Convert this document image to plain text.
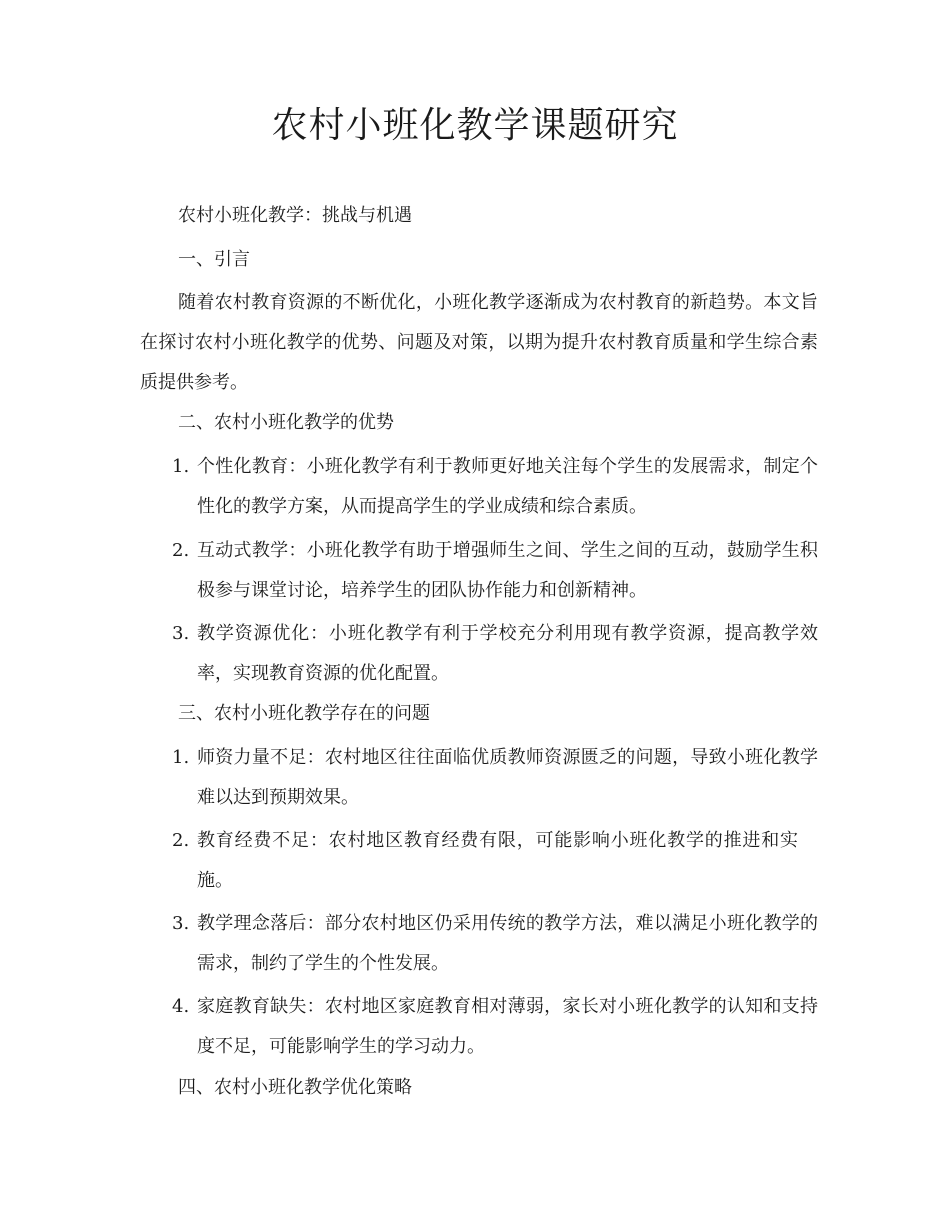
农村小班化教学课题研究

农村小班化教学：挑战与机遇

一、引言

随着农村教育资源的不断优化，小班化教学逐渐成为农村教育的新趋势。本文旨在探讨农村小班化教学的优势、问题及对策，以期为提升农村教育质量和学生综合素质提供参考。

二、农村小班化教学的优势

1. 个性化教育：小班化教学有利于教师更好地关注每个学生的发展需求，制定个性化的教学方案，从而提高学生的学业成绩和综合素质。
2. 互动式教学：小班化教学有助于增强师生之间、学生之间的互动，鼓励学生积极参与课堂讨论，培养学生的团队协作能力和创新精神。
3. 教学资源优化：小班化教学有利于学校充分利用现有教学资源，提高教学效率，实现教育资源的优化配置。

三、农村小班化教学存在的问题

1. 师资力量不足：农村地区往往面临优质教师资源匮乏的问题，导致小班化教学难以达到预期效果。
2. 教育经费不足：农村地区教育经费有限，可能影响小班化教学的推进和实施。
3. 教学理念落后：部分农村地区仍采用传统的教学方法，难以满足小班化教学的需求，制约了学生的个性发展。
4. 家庭教育缺失：农村地区家庭教育相对薄弱，家长对小班化教学的认知和支持度不足，可能影响学生的学习动力。

四、农村小班化教学优化策略
